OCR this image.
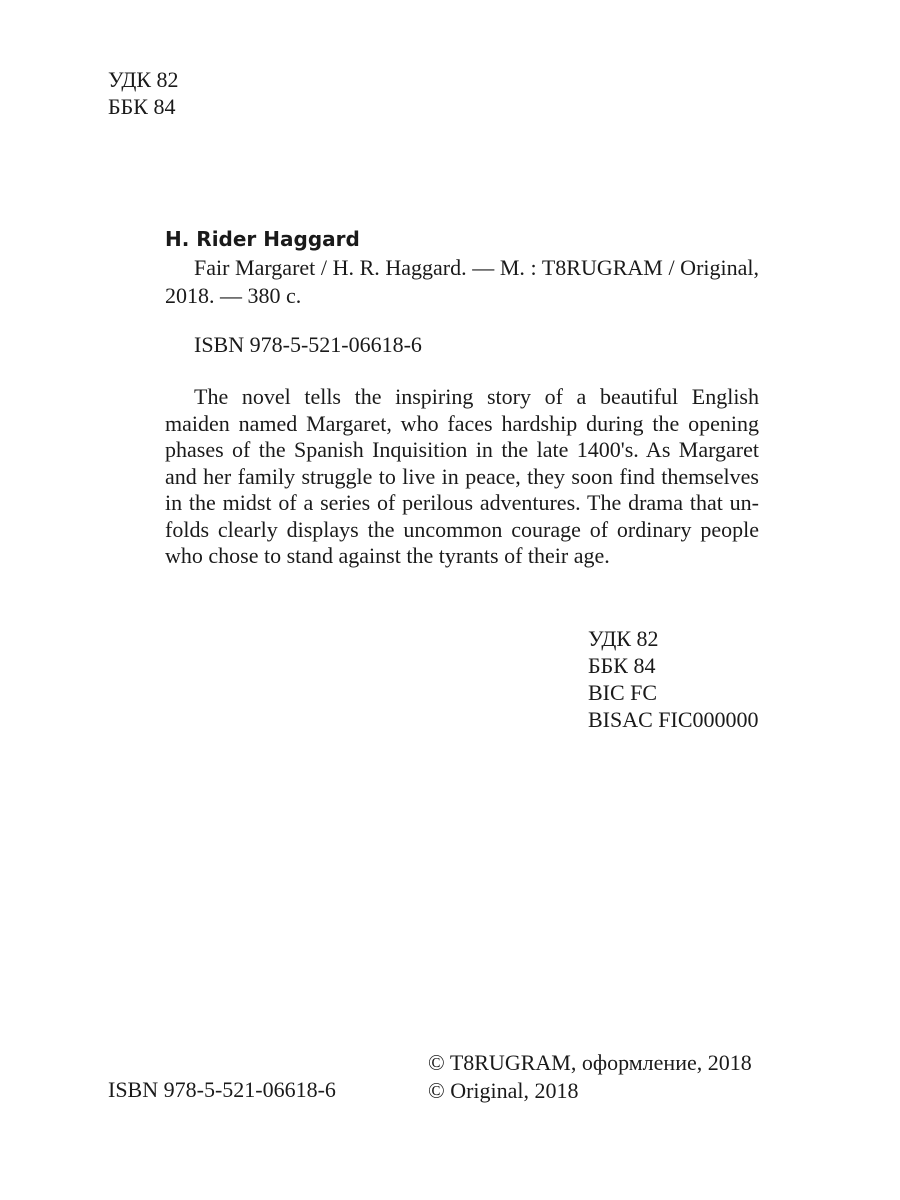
УДК 82
ББК 84
H. Rider Haggard
Fair Margaret / H. R. Haggard. — M. : T8RUGRAM / Original,
2018. — 380 c.
ISBN 978-5-521-06618-6
The novel tells the inspiring story of a beautiful English
maiden named Margaret, who faces hardship during the opening
phases of the Spanish Inquisition in the late 1400's. As Margaret
and her family struggle to live in peace, they soon find themselves
in the midst of a series of perilous adventures. The drama that un-
folds clearly displays the uncommon courage of ordinary people
who chose to stand against the tyrants of their age.
УДК 82
ББК 84
BIC FC
BISAC FIC000000
ISBN 978-5-521-06618-6
© T8RUGRAM, оформление, 2018
© Original, 2018
